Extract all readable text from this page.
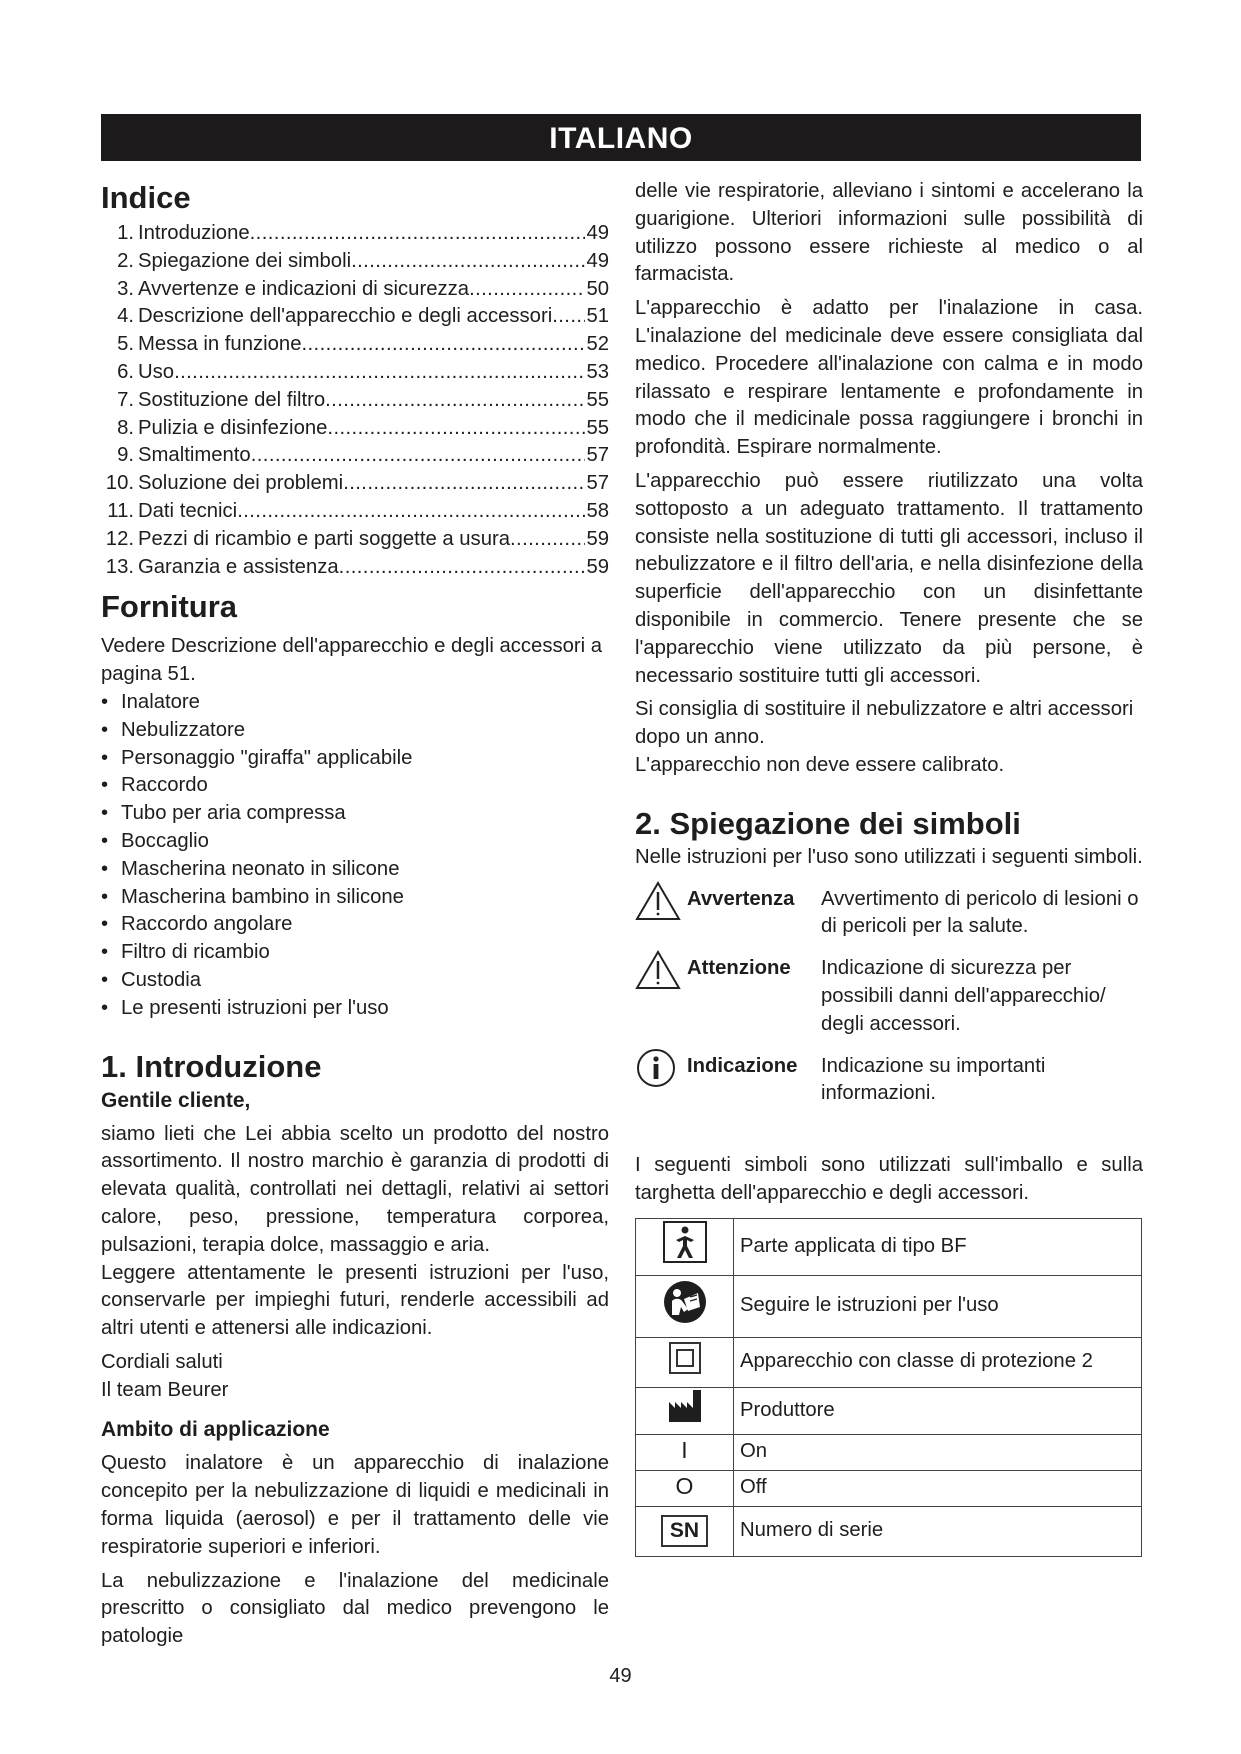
ITALIANO
Indice
1. Introduzione .....	49
2. Spiegazione dei simboli .....	49
3. Avvertenze e indicazioni di sicurezza .....	50
4. Descrizione dell'apparecchio e degli accessori ..... 51
5. Messa in funzione .....	52
6. Uso .....	53
7. Sostituzione del filtro .....	55
8. Pulizia e disinfezione .....	55
9. Smaltimento .....	57
10. Soluzione dei problemi .....	57
11. Dati tecnici .....	58
12. Pezzi di ricambio e parti soggette a usura .....	59
13. Garanzia e assistenza .....	59
Fornitura

Vedere Descrizione dell'apparecchio e degli accessori a pagina 51.

• Inalatore
• Nebulizzatore
• Personaggio "giraffa" applicabile
• Raccordo
• Tubo per aria compressa
• Boccaglio
• Mascherina neonato in silicone
• Mascherina bambino in silicone
• Raccordo angolare
• Filtro di ricambio
• Custodia
• Le presenti istruzioni per l'uso
1. Introduzione
Gentile cliente,

siamo lieti che Lei abbia scelto un prodotto del nostro assortimento. Il nostro marchio è garanzia di prodotti di elevata qualità, controllati nei dettagli, relativi ai settori calore, peso, pressione, temperatura corporea, pulsazioni, terapia dolce, massaggio e aria.

Leggere attentamente le presenti istruzioni per l'uso, conservarle per impieghi futuri, renderle accessibili ad altri utenti e attenersi alle indicazioni.

Cordiali saluti

Il team Beurer

Ambito di applicazione

Questo inalatore è un apparecchio di inalazione concepito per la nebulizzazione di liquidi e medicinali in forma liquida (aerosol) e per il trattamento delle vie respiratorie superiori e inferiori.

La nebulizzazione e l'inalazione del medicinale prescritto o consigliato dal medico prevengono le patologie

delle vie respiratorie, alleviano i sintomi e accelerano la guarigione. Ulteriori informazioni sulle possibilità di utilizzo possono essere richieste al medico o al farmacista.

L'apparecchio è adatto per l'inalazione in casa. L'inalazione del medicinale deve essere consigliata dal medico. Procedere all'inalazione con calma e in modo rilassato e respirare lentamente e profondamente in modo che il medicinale possa raggiungere i bronchi in profondità. Espirare normalmente.

L'apparecchio può essere riutilizzato una volta sottoposto a un adeguato trattamento. Il trattamento consiste nella sostituzione di tutti gli accessori, incluso il nebulizzatore e il filtro dell'aria, e nella disinfezione della superficie dell'apparecchio con un disinfettante disponibile in commercio. Tenere presente che se l'apparecchio viene utilizzato da più persone, è necessario sostituire tutti gli accessori.

Si consiglia di sostituire il nebulizzatore e altri accessori dopo un anno.

L'apparecchio non deve essere calibrato.

2. Spiegazione dei simboli

Nelle istruzioni per l'uso sono utilizzati i seguenti simboli.

Avvertenza	Avvertimento di pericolo di lesioni o di pericoli per la salute.
Attenzione	Indicazione di sicurezza per possibili danni dell'apparecchio/ degli accessori.
Indicazione	Indicazione su importanti informazioni.

I seguenti simboli sono utilizzati sull'imballo e sulla targhetta dell'apparecchio e degli accessori.

	Parte applicata di tipo BF
	Seguire le istruzioni per l'uso
	Apparecchio con classe di protezione 2
	Produttore
I	On
O	Off
SN	Numero di serie
49
